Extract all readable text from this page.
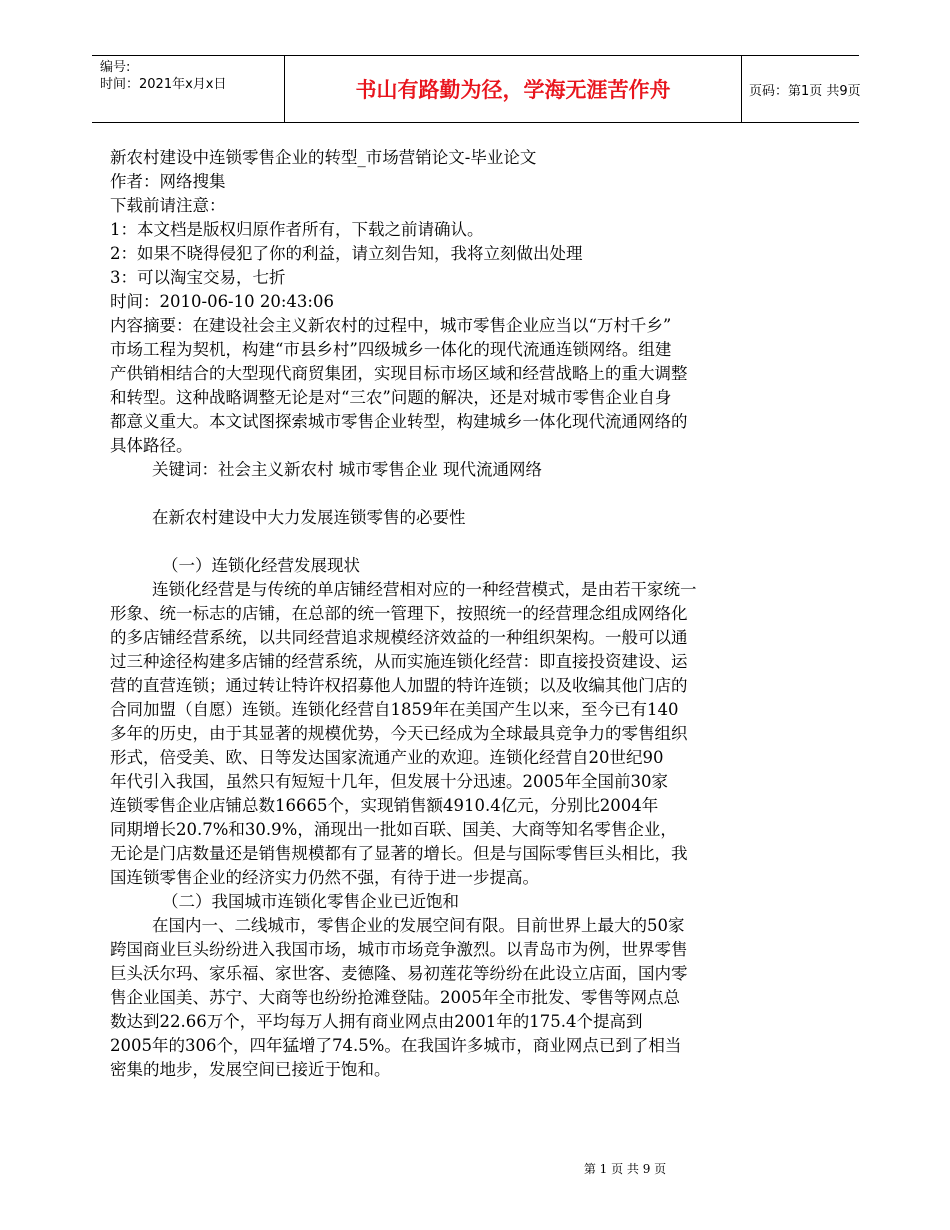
编号:
时间：2021年x月x日	书山有路勤为径，学海无涯苦作舟	页码：第1页 共9页
新农村建设中连锁零售企业的转型_市场营销论文-毕业论文
作者：网络搜集
下载前请注意：
1：本文档是版权归原作者所有，下载之前请确认。
2：如果不晓得侵犯了你的利益，请立刻告知，我将立刻做出处理
3：可以淘宝交易，七折
时间：2010-06-10 20:43:06
内容摘要：在建设社会主义新农村的过程中，城市零售企业应当以“万村千乡”
市场工程为契机，构建“市县乡村”四级城乡一体化的现代流通连锁网络。组建
产供销相结合的大型现代商贸集团，实现目标市场区域和经营战略上的重大调整
和转型。这种战略调整无论是对“三农”问题的解决，还是对城市零售企业自身
都意义重大。本文试图探索城市零售企业转型，构建城乡一体化现代流通网络的
具体路径。
关键词：社会主义新农村 城市零售企业 现代流通网络
在新农村建设中大力发展连锁零售的必要性
（一）连锁化经营发展现状
连锁化经营是与传统的单店铺经营相对应的一种经营模式，是由若干家统一
形象、统一标志的店铺，在总部的统一管理下，按照统一的经营理念组成网络化
的多店铺经营系统，以共同经营追求规模经济效益的一种组织架构。一般可以通
过三种途径构建多店铺的经营系统，从而实施连锁化经营：即直接投资建设、运
营的直营连锁；通过转让特许权招募他人加盟的特许连锁；以及收编其他门店的
合同加盟（自愿）连锁。连锁化经营自1859年在美国产生以来，至今已有140
多年的历史，由于其显著的规模优势，今天已经成为全球最具竞争力的零售组织
形式，倍受美、欧、日等发达国家流通产业的欢迎。连锁化经营自20世纪90
年代引入我国，虽然只有短短十几年，但发展十分迅速。2005年全国前30家
连锁零售企业店铺总数16665个，实现销售额4910.4亿元，分别比2004年
同期增长20.7%和30.9%，涌现出一批如百联、国美、大商等知名零售企业，
无论是门店数量还是销售规模都有了显著的增长。但是与国际零售巨头相比，我
国连锁零售企业的经济实力仍然不强，有待于进一步提高。
（二）我国城市连锁化零售企业已近饱和
在国内一、二线城市，零售企业的发展空间有限。目前世界上最大的50家
跨国商业巨头纷纷进入我国市场，城市市场竞争激烈。以青岛市为例，世界零售
巨头沃尔玛、家乐福、家世客、麦德隆、易初莲花等纷纷在此设立店面，国内零
售企业国美、苏宁、大商等也纷纷抢滩登陆。2005年全市批发、零售等网点总
数达到22.66万个，平均每万人拥有商业网点由2001年的175.4个提高到
2005年的306个，四年猛增了74.5%。在我国许多城市，商业网点已到了相当
密集的地步，发展空间已接近于饱和。
第 1 页 共 9 页
